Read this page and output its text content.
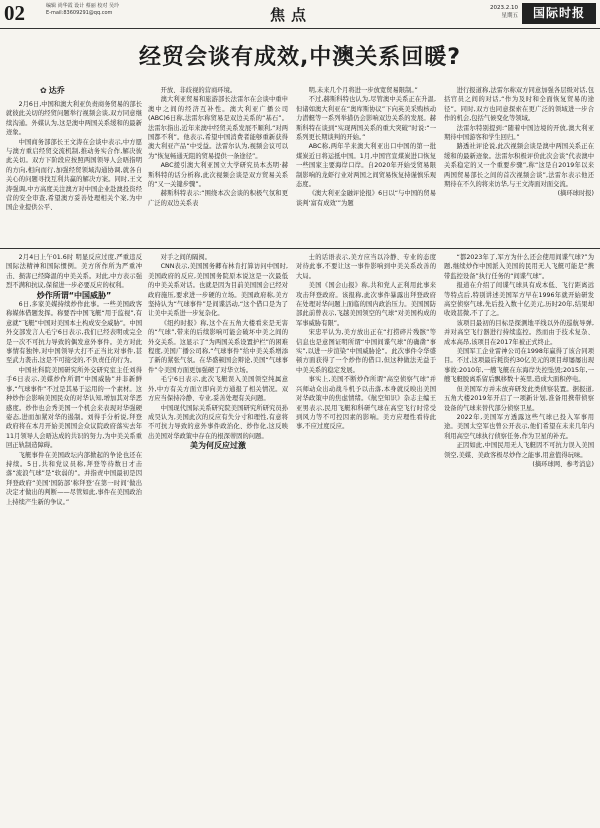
02	编辑 尚华霞 设计 蔡丽 校对 吴玲
E-mail:83609291@qq.com	焦点	2023.2.10
星期五	国际时报
经贸会谈有成效,中澳关系回暖?
✿ 达乔

2月6日,中国和澳大利亚负责商务贸易的部长就彼此关切的经贸问题举行视频会谈,双方同意继续沟通。外媒认为,这是澳中两国关系缓和的最新迹象。

中国商务部部长王文涛在会谈中表示,中方愿与澳方重启经贸交流机制,推动务实合作,解决彼此关切。双方下阶段应按照两国领导人会晤指明的方向,相向而行,加强经贸领域沟通协调,就各自关心的问题寻找互利共赢的解决方案。同时,王文涛强调,中方高度关注澳方对中国企业赴澳投资经营的安全审查,希望澳方妥善处理相关个案,为中国企业提供公平、

开放、非歧视的营商环境。

澳大利亚贸易和旅游部长法雷尔在会谈中重申澳中之间的经济互补性。澳大利亚广播公司(ABC)6日称,法雷尔称贸易是双边关系的“基石”。法雷尔指出,近年来澳中经贸关系发展不顺利,“对两国都不利”。他表示,希望中国消费者能够重新获得澳大利亚产品“中受益。法雷尔认为,视频会议可以为“恢复畅通无阻的贸易提供一条途径”。

ABC援引澳大利亚国立大学研究员本杰明·赫斯科特的话分析称,此次视频会谈是双方贸易关系的“又一关键步骤”。

赫斯科特表示:“围绕本次会谈的积极气氛和更广泛的双边关系表

明,未来几个月将进一步放宽贸易限制。”

不过,赫斯科特也认为,尽管澳中关系正在升温,但诸如澳大利亚在“奥库斯协议”下向英美采购核动力潜艇等一系列举措仍会影响双边关系的发展。赫斯科特在谈到“实现两国关系的重大突破”时说:“一系列更长期谈判的开始。”

ABC称,两年半来澳大利亚出口中国的第一批煤炭近日将运抵中国。1月,中国官宣煤炭进口恢复一些国家主要海岸口岸。自2020年开始受贸易限制影响的龙虾行业对两国之间贸易恢复持谨慎乐观态度。

《澳大利亚金融评论报》6日以“与中国的贸易谈判‘富有成效’”为题

进行报道称,法雷尔称双方同意加强各层级对话,包括官员之间的对话,“作为及时和全面恢复贸易的途径”。同时,双方也同意探索在更广泛的领域进一步合作的机会,包括气候变化等领域。

法雷尔特别提到:“随着中国边境的开放,澳大利亚期待中国游客和学生回归。”

路透社评论说,此次视频会谈是澳中两国关系正在缓和的最新迹象。法雷尔积极评价此次会谈“代表澳中关系稳定的又一个重要步骤”,称“这是自2019年以来两国贸易部长之间的首次视频会谈”,法雷尔表示他还期待在不久的将来访华,与王文涛面对面交流。

(摘环球时报)

2月4日上午01.6时 明显反应过度,严重违反国际法精神和国际惯例。美方所作所为严重冲击、损害已经降温的中美关系。对此,中方表示强烈不满和抗议,保留进一步必要反应的权利。

炒作所谓“中国威胁”

6日,多家美媒持续炒作此事。一些美国政客称媒体借题发挥。称要吞中国飞艇“用于监视”,有意就“飞艇”中国对美国本土构成安全威胁”。中国外交部发言人毛宁6日表示,我们已经表明或完全是一次不可抗力导致的偶发意外事件。美方对此事情有独钟,对中国领导大打不正当比对事件,甚至武力袭击,这是不可接受的,不负责任的行为。

中国社科院美国研究所外交研究室主任刘得手6日表示,美媒炒作所谓“中国威胁”并非新鲜事,“气球事件”不过是其易于运用的一个素材。这种炒作会影响美国民众的对华认知,增加其对华恶感度。炒作也会秀美国一个机会来表现对华强硬姿态,进而加紧对华的遏制。刘得手分析说,拜登政府将在本月开始美国国会众议院政府落实去年11月领导人会晤达成的共识的努力,为中美关系重回正轨制造障碍。

飞艇事件在美国政坛内部掀起的争论也还在持续。5日,共和党议员称,拜登等待数日才击落“流浪气球”是“软弱的”。并指责中国最初是因拜登政府“美国‘国防部’称拜登‘在第一时间’做出决定才做出的判断——尽管如此,事件在美国政治上持续产生新的争议。”

对手之间的隔阂。

CNN表示,美国国务卿布林肯打算访问中国时,美国政府的反应,美国国务院原本说这是一次最低的中美关系对话。也就是因为目前美国国会已经对政府施压,要求进一步硬的立场。美国政府称,美方坚持认为“气球事件”是间谍活动,“这个借口是为了让美中关系进一步复杂化。

《纽约时报》称,这个在五角大楼看来是无害的“气球”,带来的后续影响可能会破坏中美之间的外交关系。这显示了“为两国关系设置护栏”的困难程度,美国广播公司称,“气球事件”给中美关系增添了新的紧张气氛。在华盛顿国会辩论,美国“气球事件”令美国方面更加强硬了对华立场。

毛宁6日表示,此次飞艇误入美国领空纯属意外,中方有关方面立即向美方通报了相关情况。双方应当保持冷静、专业,妥善处理有关问题。

中国现代国际关系研究院美国研究所研究员孙成昊认为,美国此次的反应有失分寸和理性,有意将不可抗力导致的意外事件政治化、炒作化,这反映出美国对华政策中存在的根深蒂固的问题。

美为何反应过激

士的话语表示,美方应当以冷静、专业的态度对待此事,不要让这一事件影响到中美关系改善的大局。

美国《国会山报》称,共和党人正利用此事来攻击拜登政府。该报称,此次事件暴露出拜登政府在处理对华问题上面临的国内政治压力。美国国防部此前曾表示,飞越美国领空的气球“对美国构成的军事威胁有限”。

宋忠平认为,美方放出正在“打捞碎片残骸”等信息也是意图证明所谓“中国间谍气球”的确凿“事实”,以进一步渲染“中国威胁论”。此次事件令华盛顿方面获得了一个炒作的借口,但这种做法无益于中美关系的稳定发展。

事实上,美国不断炒作所谓“高空侦察气球”并兴师动众出动战斗机予以击落,本身就反映出美国对华政策中的焦虑情绪。《航空知识》杂志主编王亚男表示,民用飞艇和科研气球在高空飞行时常受到风力等不可控因素的影响。美方应理性看待此事,不应过度反应。

“都2023年了,军方为什么还会使用间谍气球?”为题,继续炒作中国派入美国的民用无人飞艇可能是“携带监控设备”执行任务的“间谍气球”。

报道在介绍了间谍气球具有成本低、飞行距离远等特点后,特别讲述美国军方早在1996年就开始研发高空侦察气球,先后投入数十亿美元,历时20年,结果却收效甚微,不了了之。

该项目最初的目标是探测地平线以外的巡航导弹,并对高空飞行器进行持续监控。然而由于技术复杂、成本高昂,该项目在2017年被正式终止。

美国军工企业雷神公司在1998年赢得了该合同项目。不过,这项最后耗资约30亿美元的项目却屡屡出现事故:2010年,一艘飞艇在东海岸失控坠毁;2015年,一艘飞艇脱离系留后飘移数十英里,造成大面积停电。

但美国军方并未放弃研发此类侦察装置。据报道,五角大楼2019年开启了一项新计划,准备用携带侦察设备的气球来替代部分侦察卫星。

2022年,美国军方透露这些气球已投入军事用途。美国太空军也曾公开表示,他们希望在未来几年内利用高空气球执行侦察任务,作为卫星的补充。

正因如此,中国民用无人飞艇因不可抗力误入美国领空,美媒、美政客极尽炒作之能事,用意值得玩味。

(摘环球网、参考消息)
